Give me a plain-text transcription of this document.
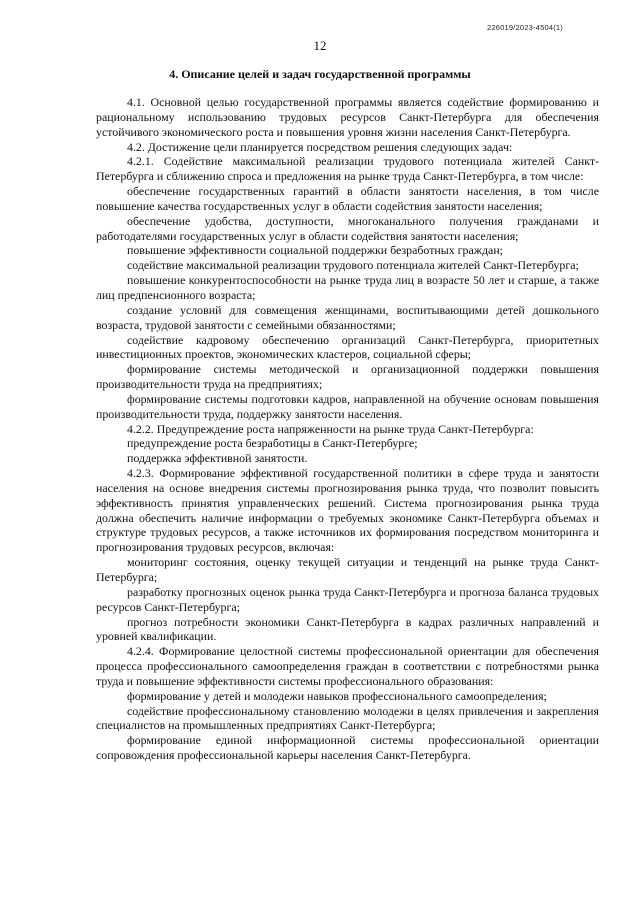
226019/2023-4504(1)
12
4. Описание целей и задач государственной программы

4.1. Основной целью государственной программы является содействие формированию и рациональному использованию трудовых ресурсов Санкт-Петербурга для обеспечения устойчивого экономического роста и повышения уровня жизни населения Санкт-Петербурга.

4.2. Достижение цели планируется посредством решения следующих задач:

4.2.1. Содействие максимальной реализации трудового потенциала жителей Санкт-Петербурга и сближению спроса и предложения на рынке труда Санкт-Петербурга, в том числе:

обеспечение государственных гарантий в области занятости населения, в том числе повышение качества государственных услуг в области содействия занятости населения;

обеспечение удобства, доступности, многоканального получения гражданами и работодателями государственных услуг в области содействия занятости населения;

повышение эффективности социальной поддержки безработных граждан;

содействие максимальной реализации трудового потенциала жителей Санкт-Петербурга;

повышение конкурентоспособности на рынке труда лиц в возрасте 50 лет и старше, а также лиц предпенсионного возраста;

создание условий для совмещения женщинами, воспитывающими детей дошкольного возраста, трудовой занятости с семейными обязанностями;

содействие кадровому обеспечению организаций Санкт-Петербурга, приоритетных инвестиционных проектов, экономических кластеров, социальной сферы;

формирование системы методической и организационной поддержки повышения производительности труда на предприятиях;

формирование системы подготовки кадров, направленной на обучение основам повышения производительности труда, поддержку занятости населения.

4.2.2. Предупреждение роста напряженности на рынке труда Санкт-Петербурга:

предупреждение роста безработицы в Санкт-Петербурге;

поддержка эффективной занятости.

4.2.3. Формирование эффективной государственной политики в сфере труда и занятости населения на основе внедрения системы прогнозирования рынка труда, что позволит повысить эффективность принятия управленческих решений. Система прогнозирования рынка труда должна обеспечить наличие информации о требуемых экономике Санкт-Петербурга объемах и структуре трудовых ресурсов, а также источников их формирования посредством мониторинга и прогнозирования трудовых ресурсов, включая:

мониторинг состояния, оценку текущей ситуации и тенденций на рынке труда Санкт-Петербурга;

разработку прогнозных оценок рынка труда Санкт-Петербурга и прогноза баланса трудовых ресурсов Санкт-Петербурга;

прогноз потребности экономики Санкт-Петербурга в кадрах различных направлений и уровней квалификации.

4.2.4. Формирование целостной системы профессиональной ориентации для обеспечения процесса профессионального самоопределения граждан в соответствии с потребностями рынка труда и повышение эффективности системы профессионального образования:

формирование у детей и молодежи навыков профессионального самоопределения;

содействие профессиональному становлению молодежи в целях привлечения и закрепления специалистов на промышленных предприятиях Санкт-Петербурга;

формирование единой информационной системы профессиональной ориентации сопровождения профессиональной карьеры населения Санкт-Петербурга.
